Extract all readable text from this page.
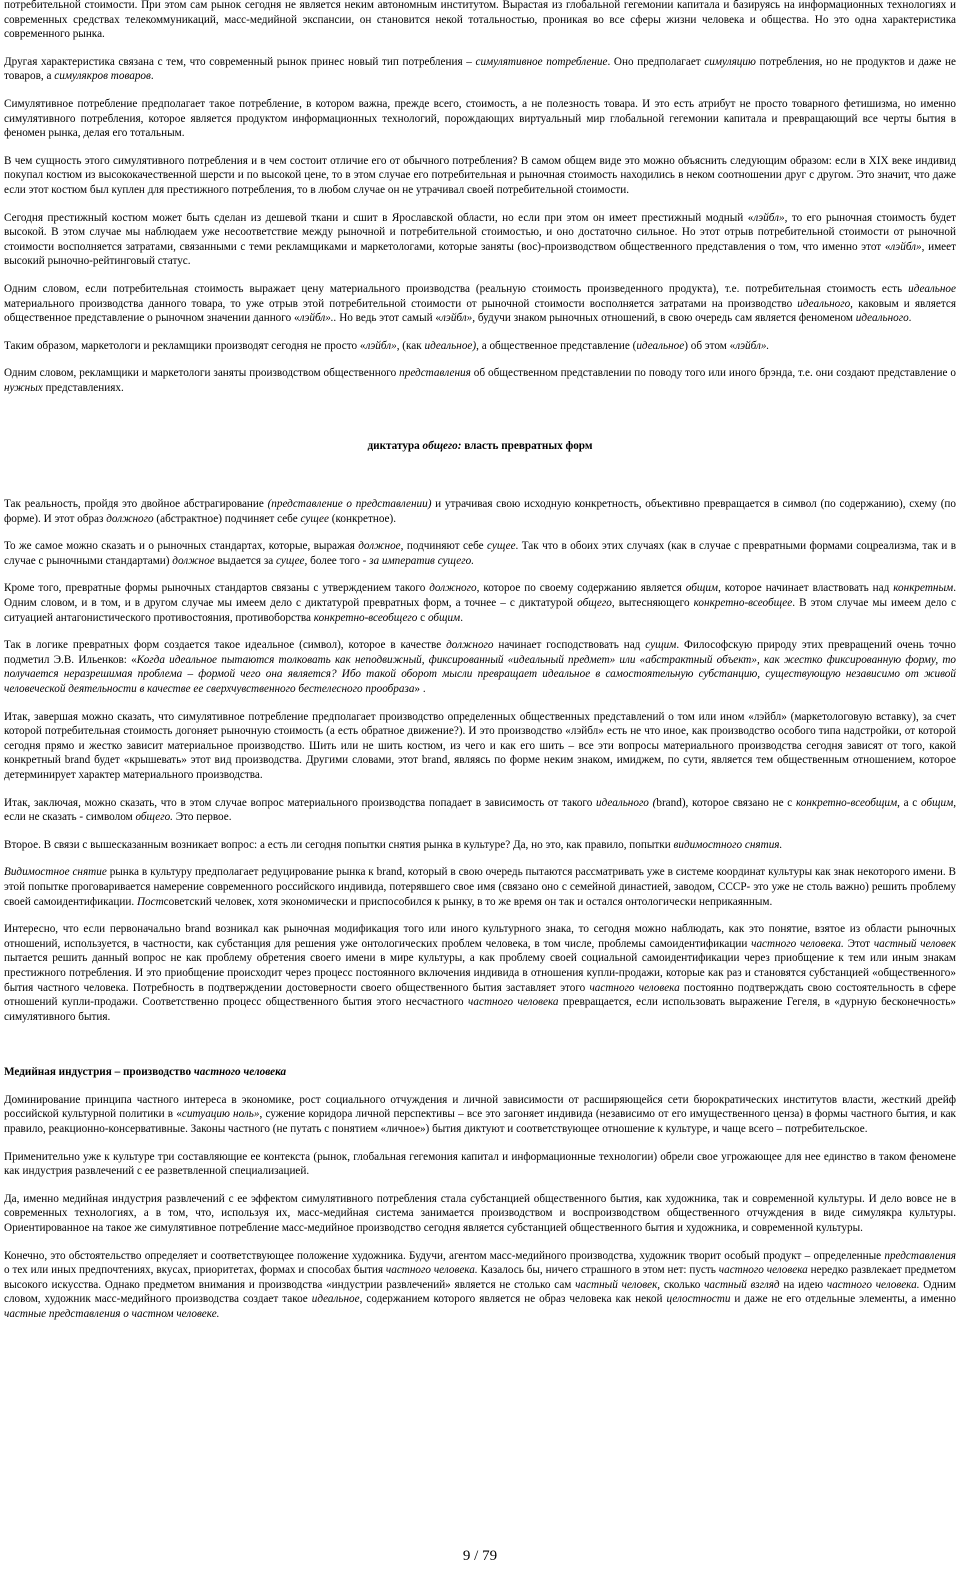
потребительной стоимости. При этом сам рынок сегодня не является неким автономным институтом. Вырастая из глобальной гегемонии капитала и базируясь на информационных технологиях и современных средствах телекоммуникаций, масс-медийной экспансии, он становится некой тотальностью, проникая во все сферы жизни человека и общества. Но это одна характеристика современного рынка.

Другая характеристика связана с тем, что современный рынок принес новый тип потребления – симулятивное потребление. Оно предполагает симуляцию потребления, но не продуктов и даже не товаров, а симулякров товаров.

Симулятивное потребление предполагает такое потребление, в котором важна, прежде всего, стоимость, а не полезность товара. И это есть атрибут не просто товарного фетишизма, но именно симулятивного потребления, которое является продуктом информационных технологий, порождающих виртуальный мир глобальной гегемонии капитала и превращающий все черты бытия в феномен рынка, делая его тотальным.

В чем сущность этого симулятивного потребления и в чем состоит отличие его от обычного потребления? В самом общем виде это можно объяснить следующим образом: если в XIX веке индивид покупал костюм из высококачественной шерсти и по высокой цене, то в этом случае его потребительная и рыночная стоимость находились в неком соотношении друг с другом. Это значит, что даже если этот костюм был куплен для престижного потребления, то в любом случае он не утрачивал своей потребительной стоимости.

Сегодня престижный костюм может быть сделан из дешевой ткани и сшит в Ярославской области, но если при этом он имеет престижный модный «лэйбл», то его рыночная стоимость будет высокой. В этом случае мы наблюдаем уже несоответствие между рыночной и потребительной стоимостью, и оно достаточно сильное. Но этот отрыв потребительной стоимости от рыночной стоимости восполняется затратами, связанными с теми рекламщиками и маркетологами, которые заняты (вос)-производством общественного представления о том, что именно этот «лэйбл», имеет высокий рыночно-рейтинговый статус.

Одним словом, если потребительная стоимость выражает цену материального производства (реальную стоимость произведенного продукта), т.е. потребительная стоимость есть идеальное материального производства данного товара, то уже отрыв этой потребительной стоимости от рыночной стоимости восполняется затратами на производство идеального, каковым и является общественное представление о рыночном значении данного «лэйбл».. Но ведь этот самый «лэйбл», будучи знаком рыночных отношений, в свою очередь сам является феноменом идеального.

Таким образом, маркетологи и рекламщики производят сегодня не просто «лэйбл», (как идеальное), а общественное представление (идеальное) об этом «лэйбл».

Одним словом, рекламщики и маркетологи заняты производством общественного представления об общественном представлении по поводу того или иного брэнда, т.е. они создают представление о нужных представлениях.

диктатура общего: власть превратных форм

Так реальность, пройдя это двойное абстрагирование (представление о представлении) и утрачивая свою исходную конкретность, объективно превращается в символ (по содержанию), схему (по форме). И этот образ должного (абстрактное) подчиняет себе сущее (конкретное).

То же самое можно сказать и о рыночных стандартах, которые, выражая должное, подчиняют себе сущее. Так что в обоих этих случаях (как в случае с превратными формами соцреализма, так и в случае с рыночными стандартами) должное выдается за сущее, более того - за императив сущего.

Кроме того, превратные формы рыночных стандартов связаны с утверждением такого должного, которое по своему содержанию является общим, которое начинает властвовать над конкретным. Одним словом, и в том, и в другом случае мы имеем дело с диктатурой превратных форм, а точнее – с диктатурой общего, вытесняющего конкретно-всеобщее. В этом случае мы имеем дело с ситуацией антагонистического противостояния, противоборства конкретно-всеобщего с общим.

Так в логике превратных форм создается такое идеальное (символ), которое в качестве должного начинает господствовать над сущим. Философскую природу этих превращений очень точно подметил Э.В. Ильенков: «Когда идеальное пытаются толковать как неподвижный, фиксированный «идеальный предмет» или «абстрактный объект», как жестко фиксированную форму, то получается неразрешимая проблема – формой чего она является? Ибо такой оборот мысли превращает идеальное в самостоятельную субстанцию, существующую независимо от живой человеческой деятельности в качестве ее сверхчувственного бестелесного прообраза» .

Итак, завершая можно сказать, что симулятивное потребление предполагает производство определенных общественных представлений о том или ином «лэйбл» (маркетологовую вставку), за счет которой потребительная стоимость догоняет рыночную стоимость (а есть обратное движение?). И это производство «лэйбл» есть не что иное, как производство особого типа надстройки, от которой сегодня прямо и жестко зависит материальное производство. Шить или не шить костюм, из чего и как его шить – все эти вопросы материального производства сегодня зависят от того, какой конкретный brand будет «крышевать» этот вид производства. Другими словами, этот brand, являясь по форме неким знаком, имиджем, по сути, является тем общественным отношением, которое детерминирует характер материального производства.

Итак, заключая, можно сказать, что в этом случае вопрос материального производства попадает в зависимость от такого идеального (brand), которое связано не с конкретно-всеобщим, а с общим, если не сказать - символом общего. Это первое.

Второе. В связи с вышесказанным возникает вопрос: а есть ли сегодня попытки снятия рынка в культуре? Да, но это, как правило, попытки видимостного снятия.

Видимостное снятие рынка в культуру предполагает редуцирование рынка к brand, который в свою очередь пытаются рассматривать уже в системе координат культуры как знак некоторого имени. В этой попытке проговаривается намерение современного российского индивида, потерявшего свое имя (связано оно с семейной династией, заводом, СССР- это уже не столь важно) решить проблему своей самоидентификации. Постсоветский человек, хотя экономически и приспособился к рынку, в то же время он так и остался онтологически неприкаянным.

Интересно, что если первоначально brand возникал как рыночная модификация того или иного культурного знака, то сегодня можно наблюдать, как это понятие, взятое из области рыночных отношений, используется, в частности, как субстанция для решения уже онтологических проблем человека, в том числе, проблемы самоидентификации частного человека. Этот частный человек пытается решить данный вопрос не как проблему обретения своего имени в мире культуры, а как проблему своей социальной самоидентификации через приобщение к тем или иным знакам престижного потребления. И это приобщение происходит через процесс постоянного включения индивида в отношения купли-продажи, которые как раз и становятся субстанцией «общественного» бытия частного человека. Потребность в подтверждении достоверности своего общественного бытия заставляет этого частного человека постоянно подтверждать свою состоятельность в сфере отношений купли-продажи. Соответственно процесс общественного бытия этого несчастного частного человека превращается, если использовать выражение Гегеля, в «дурную бесконечность» симулятивного бытия.

Медийная индустрия – производство частного человека

Доминирование принципа частного интереса в экономике, рост социального отчуждения и личной зависимости от расширяющейся сети бюрократических институтов власти, жесткий дрейф российской культурной политики в «ситуацию ноль», сужение коридора личной перспективы – все это загоняет индивида (независимо от его имущественного ценза) в формы частного бытия, и как правило, реакционно-консервативные. Законы частного (не путать с понятием «личное») бытия диктуют и соответствующее отношение к культуре, и чаще всего – потребительское.

Применительно уже к культуре три составляющие ее контекста (рынок, глобальная гегемония капитал и информационные технологии) обрели свое угрожающее для нее единство в таком феномене как индустрия развлечений с ее разветвленной специализацией.

Да, именно медийная индустрия развлечений с ее эффектом симулятивного потребления стала субстанцией общественного бытия, как художника, так и современной культуры. И дело вовсе не в современных технологиях, а в том, что, используя их, масс-медийная система занимается производством и воспроизводством общественного отчуждения в виде симулякра культуры. Ориентированное на такое же симулятивное потребление масс-медийное производство сегодня является субстанцией общественного бытия и художника, и современной культуры.

Конечно, это обстоятельство определяет и соответствующее положение художника. Будучи, агентом масс-медийного производства, художник творит особый продукт – определенные представления о тех или иных предпочтениях, вкусах, приоритетах, формах и способах бытия частного человека. Казалось бы, ничего страшного в этом нет: пусть частного человека нередко развлекает предметом высокого искусства. Однако предметом внимания и производства «индустрии развлечений» является не столько сам частный человек, сколько частный взгляд на идею частного человека. Одним словом, художник масс-медийного производства создает такое идеальное, содержанием которого является не образ человека как некой целостности и даже не его отдельные элементы, а именно частные представления о частном человеке.

9 / 79
